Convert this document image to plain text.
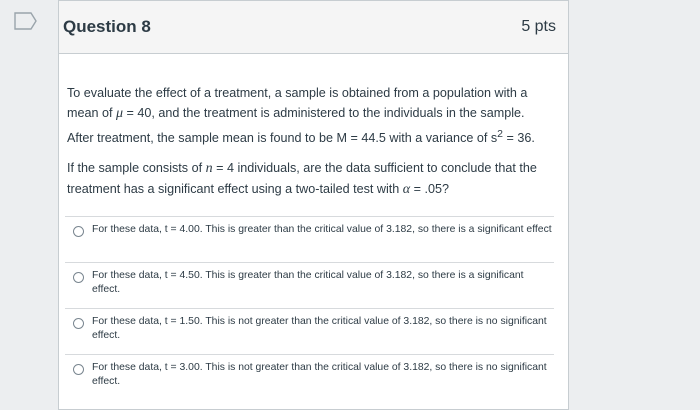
Question 8	5 pts

To evaluate the effect of a treatment, a sample is obtained from a population with a mean of μ = 40, and the treatment is administered to the individuals in the sample. After treatment, the sample mean is found to be M = 44.5 with a variance of $s^2 = 36$.

If the sample consists of n = 4 individuals, are the data sufficient to conclude that the treatment has a significant effect using a two-tailed test with α = .05?

For these data, t = 4.00. This is greater than the critical value of 3.182, so there is a significant effect
For these data, t = 4.50. This is greater than the critical value of 3.182, so there is a significant effect.
For these data, t = 1.50. This is not greater than the critical value of 3.182, so there is no significant effect.
For these data, t = 3.00. This is not greater than the critical value of 3.182, so there is no significant effect.
